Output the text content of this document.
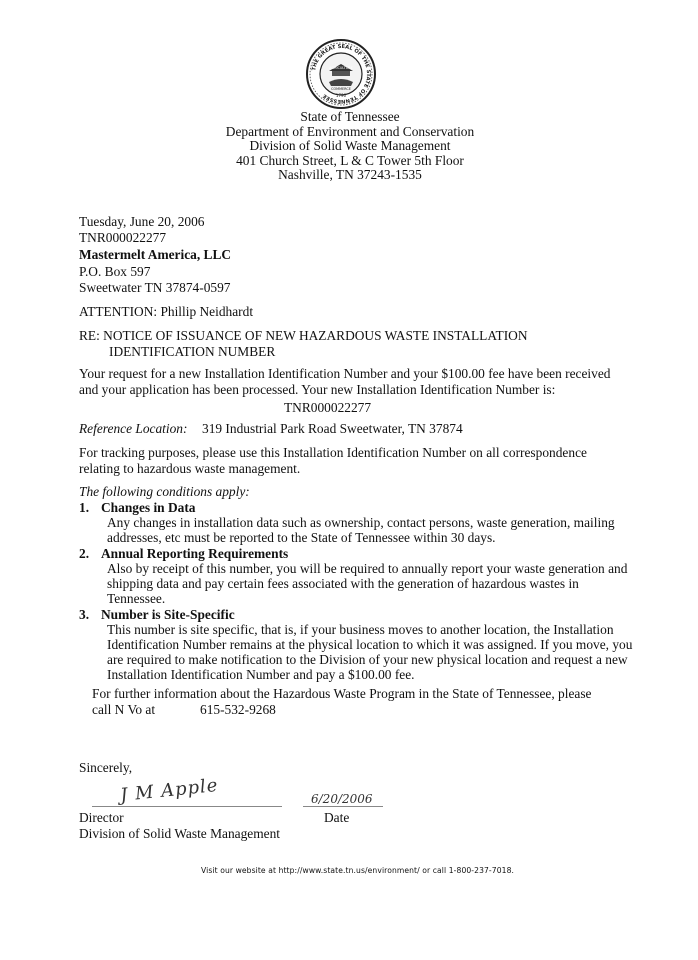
THE GREAT SEAL OF THE STATE OF TENNESSEE
AGRICULTURE
COMMERCE
1796
State of Tennessee
Department of Environment and Conservation
Division of Solid Waste Management
401 Church Street, L & C Tower 5th Floor
Nashville, TN 37243-1535
Tuesday, June 20, 2006
TNR000022277
Mastermelt America, LLC
P.O. Box 597
Sweetwater TN 37874-0597
ATTENTION: Phillip Neidhardt
RE: NOTICE OF ISSUANCE OF NEW HAZARDOUS WASTE INSTALLATION
IDENTIFICATION NUMBER
Your request for a new Installation Identification Number and your $100.00 fee have been received
and your application has been processed. Your new Installation Identification Number is:
TNR000022277
Reference Location: 319 Industrial Park Road Sweetwater, TN 37874
For tracking purposes, please use this Installation Identification Number on all correspondence
relating to hazardous waste management.
The following conditions apply:
1. Changes in Data
Any changes in installation data such as ownership, contact persons, waste generation, mailing
addresses, etc must be reported to the State of Tennessee within 30 days.
2. Annual Reporting Requirements
Also by receipt of this number, you will be required to annually report your waste generation and
shipping data and pay certain fees associated with the generation of hazardous wastes in
Tennessee.
3. Number is Site-Specific
This number is site specific, that is, if your business moves to another location, the Installation
Identification Number remains at the physical location to which it was assigned. If you move, you
are required to make notification to the Division of your new physical location and request a new
Installation Identification Number and pay a $100.00 fee.
For further information about the Hazardous Waste Program in the State of Tennessee, please
call N Vo at	615-532-9268
Sincerely,
J M Apple	6/20/2006
Director	Date
Division of Solid Waste Management
Visit our website at http://www.state.tn.us/environment/ or call 1-800-237-7018.
